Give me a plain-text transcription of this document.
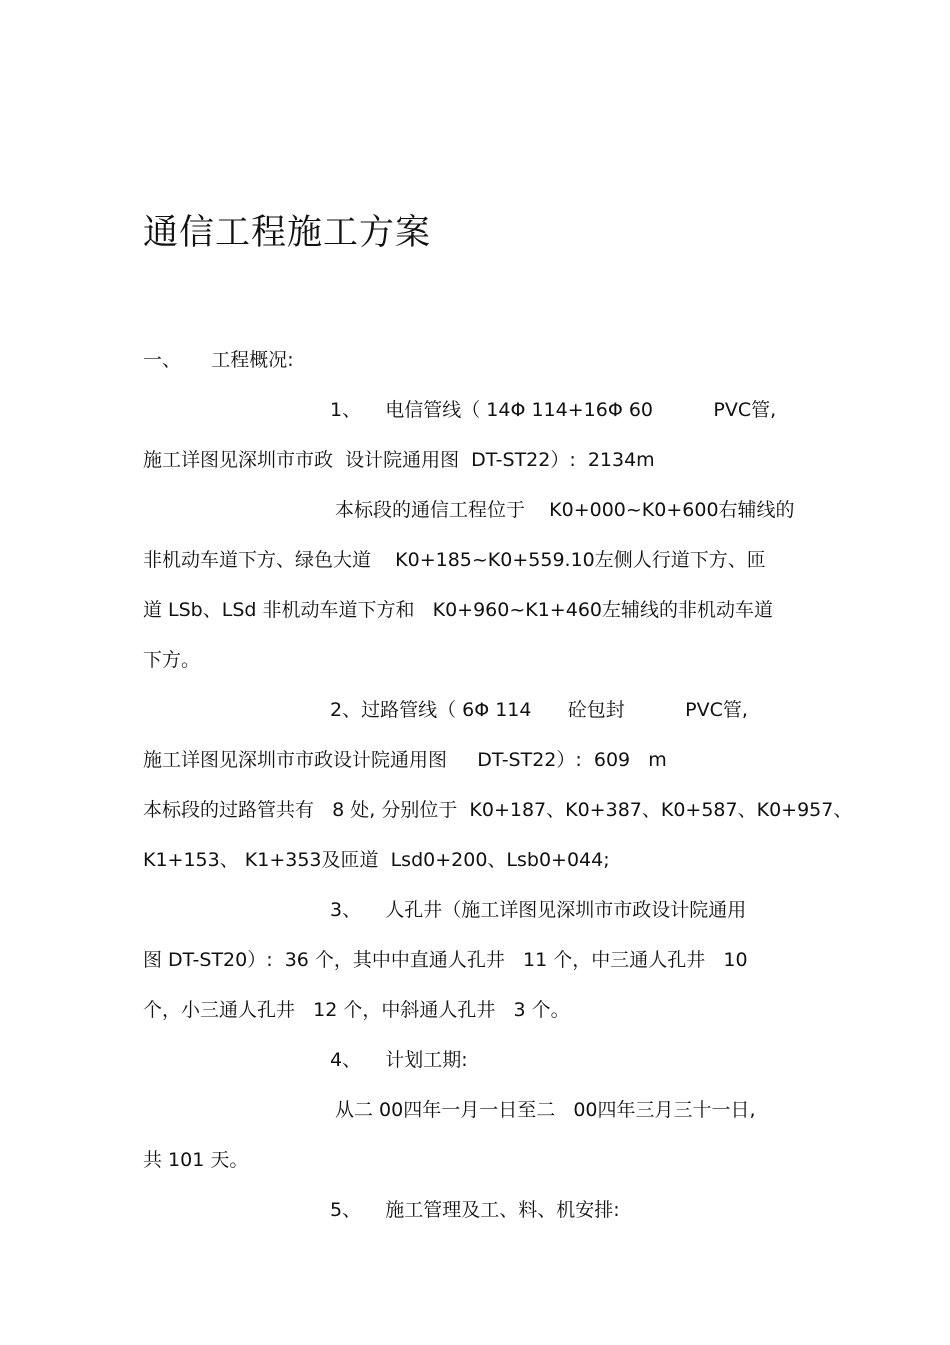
通信工程施工方案
一、     工程概况:
1、    电信管线（ 14Φ 114+16Φ 60          PVC管,
施工详图见深圳市市政  设计院通用图  DT-ST22）:  2134m
本标段的通信工程位于    K0+000~K0+600右辅线的
非机动车道下方、绿色大道    K0+185~K0+559.10左侧人行道下方、匝
道 LSb、LSd 非机动车道下方和   K0+960~K1+460左辅线的非机动车道
下方。
2、过路管线（ 6Φ 114      砼包封          PVC管,
施工详图见深圳市市政设计院通用图     DT-ST22）:  609   m
本标段的过路管共有   8 处, 分别位于  K0+187、K0+387、K0+587、K0+957、
K1+153、 K1+353及匝道  Lsd0+200、Lsb0+044;
3、    人孔井（施工详图见深圳市市政设计院通用
图 DT-ST20）:  36 个，其中中直通人孔井   11 个，中三通人孔井   10
个，小三通人孔井   12 个，中斜通人孔井   3 个。
4、    计划工期:
从二 00四年一月一日至二   00四年三月三十一日,
共 101 天。
5、    施工管理及工、料、机安排:
